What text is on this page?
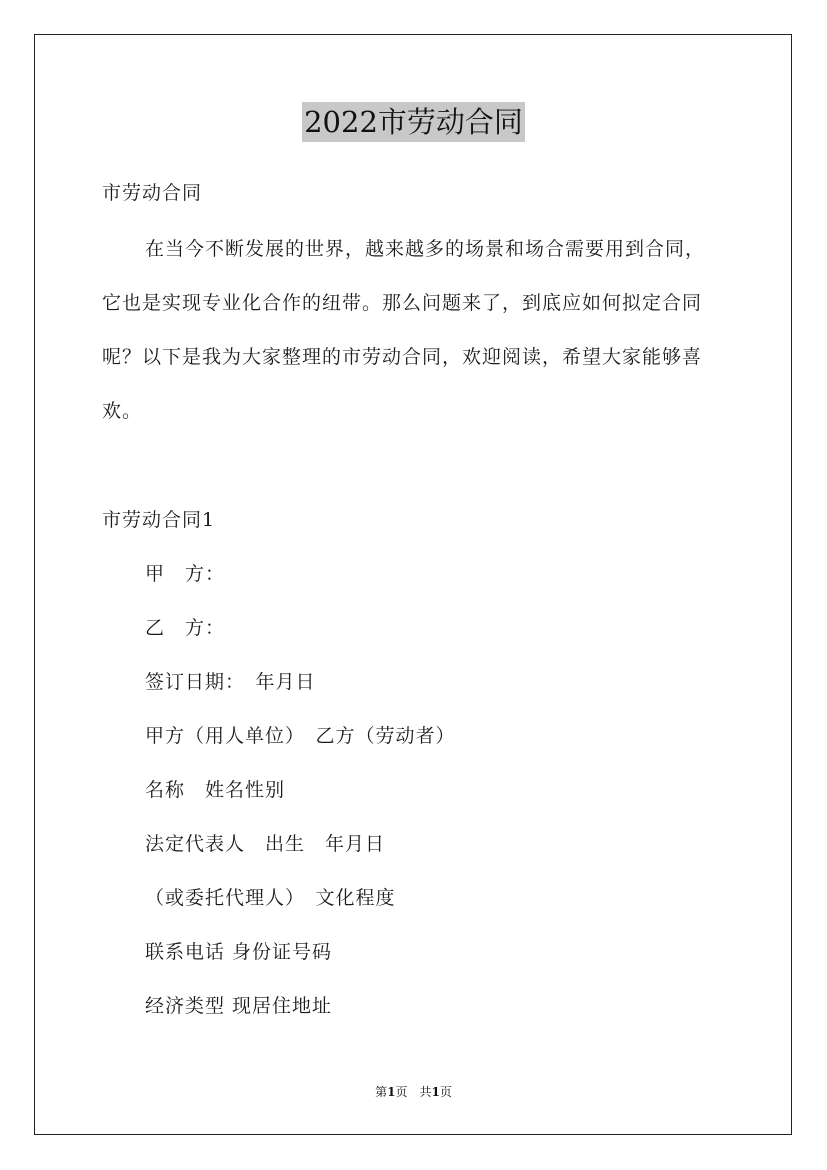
2022市劳动合同
市劳动合同
在当今不断发展的世界，越来越多的场景和场合需要用到合同，
它也是实现专业化合作的纽带。那么问题来了，到底应如何拟定合同
呢？以下是我为大家整理的市劳动合同，欢迎阅读，希望大家能够喜
欢。
市劳动合同1
甲　方：
乙　方：
签订日期：　年月日
甲方（用人单位）　乙方（劳动者）
名称　姓名性别
法定代表人　出生　年月日
（或委托代理人）　文化程度
联系电话 身份证号码
经济类型 现居住地址
第1页　共1页
